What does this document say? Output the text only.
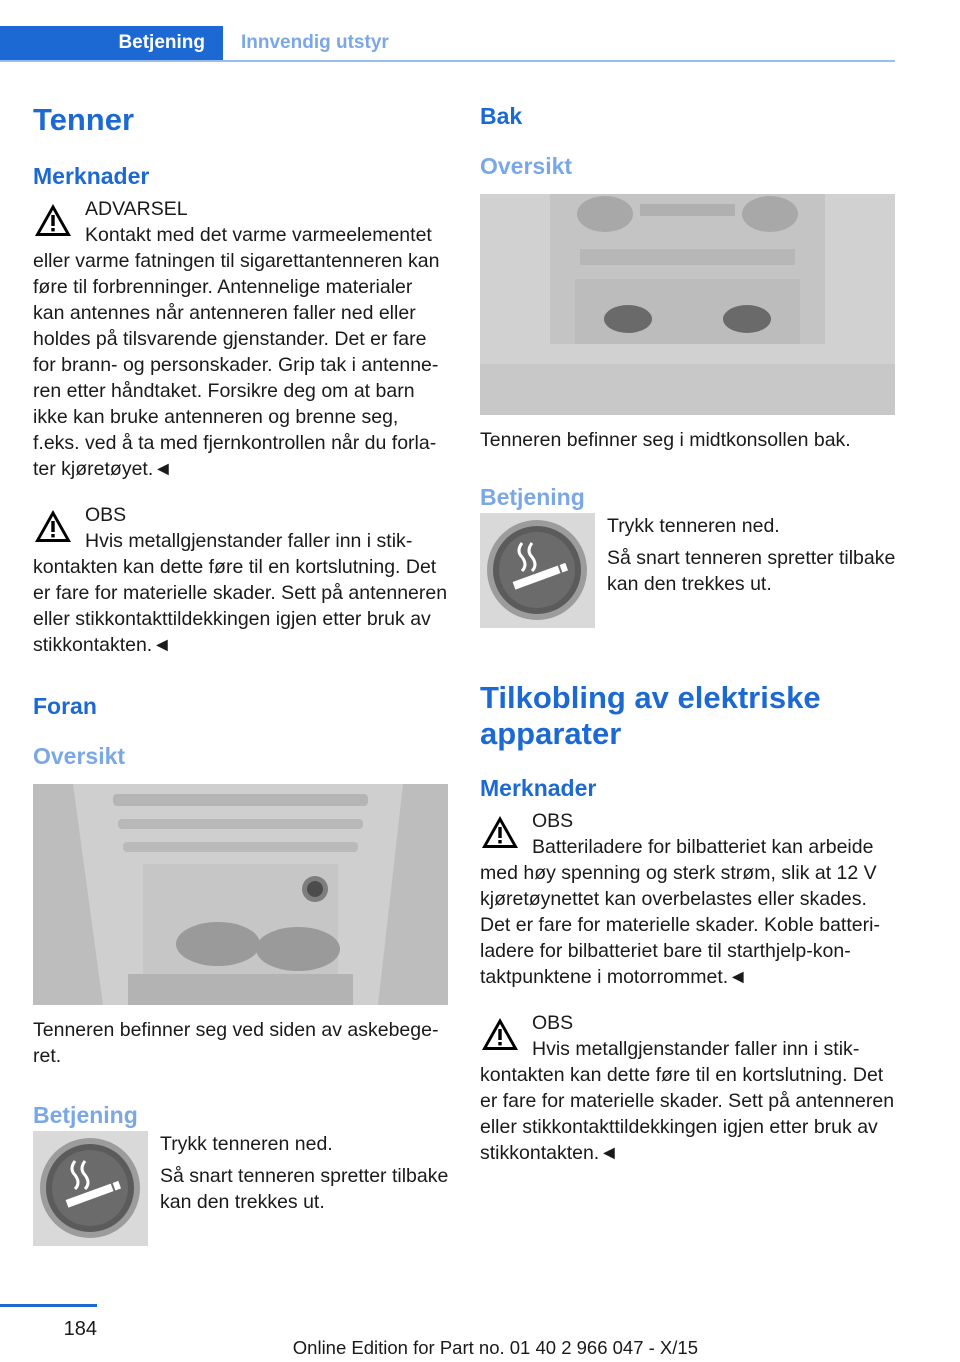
Betjening	Innvendig utstyr
Tenner
Merknader

ADVARSEL

Kontakt med det varme varmeelementet eller varme fatningen til sigarettantenneren kan føre til forbrenninger. Antennelige materialer kan antennes når antenneren faller ned eller holdes på tilsvarende gjenstander. Det er fare for brann- og personskader. Grip tak i antenneren etter håndtaket. Forsikre deg om at barn ikke kan bruke antenneren og brenne seg, f.eks. ved å ta med fjernkontrollen når du forlater kjøretøyet.◄

OBS

Hvis metallgjenstander faller inn i stikkontakten kan dette føre til en kortslutning. Det er fare for materielle skader. Sett på antenneren eller stikkontakttildekkingen igjen etter bruk av stikkontakten.◄

Foran
Oversikt

Tenneren befinner seg ved siden av askebegeret.

Betjening

Trykk tenneren ned.

Så snart tenneren spretter tilbake kan den trekkes ut.

Bak
Oversikt

Tenneren befinner seg i midtkonsollen bak.

Betjening

Trykk tenneren ned.

Så snart tenneren spretter tilbake kan den trekkes ut.

Tilkobling av elektriske apparater
Merknader

OBS

Batteriladere for bilbatteriet kan arbeide med høy spenning og sterk strøm, slik at 12 V kjøretøynettet kan overbelastes eller skades. Det er fare for materielle skader. Koble batteriladere for bilbatteriet bare til starthjelp-kontaktpunktene i motorrommet.◄

OBS

Hvis metallgjenstander faller inn i stikkontakten kan dette føre til en kortslutning. Det er fare for materielle skader. Sett på antenneren eller stikkontakttildekkingen igjen etter bruk av stikkontakten.◄

184
Online Edition for Part no. 01 40 2 966 047 - X/15
